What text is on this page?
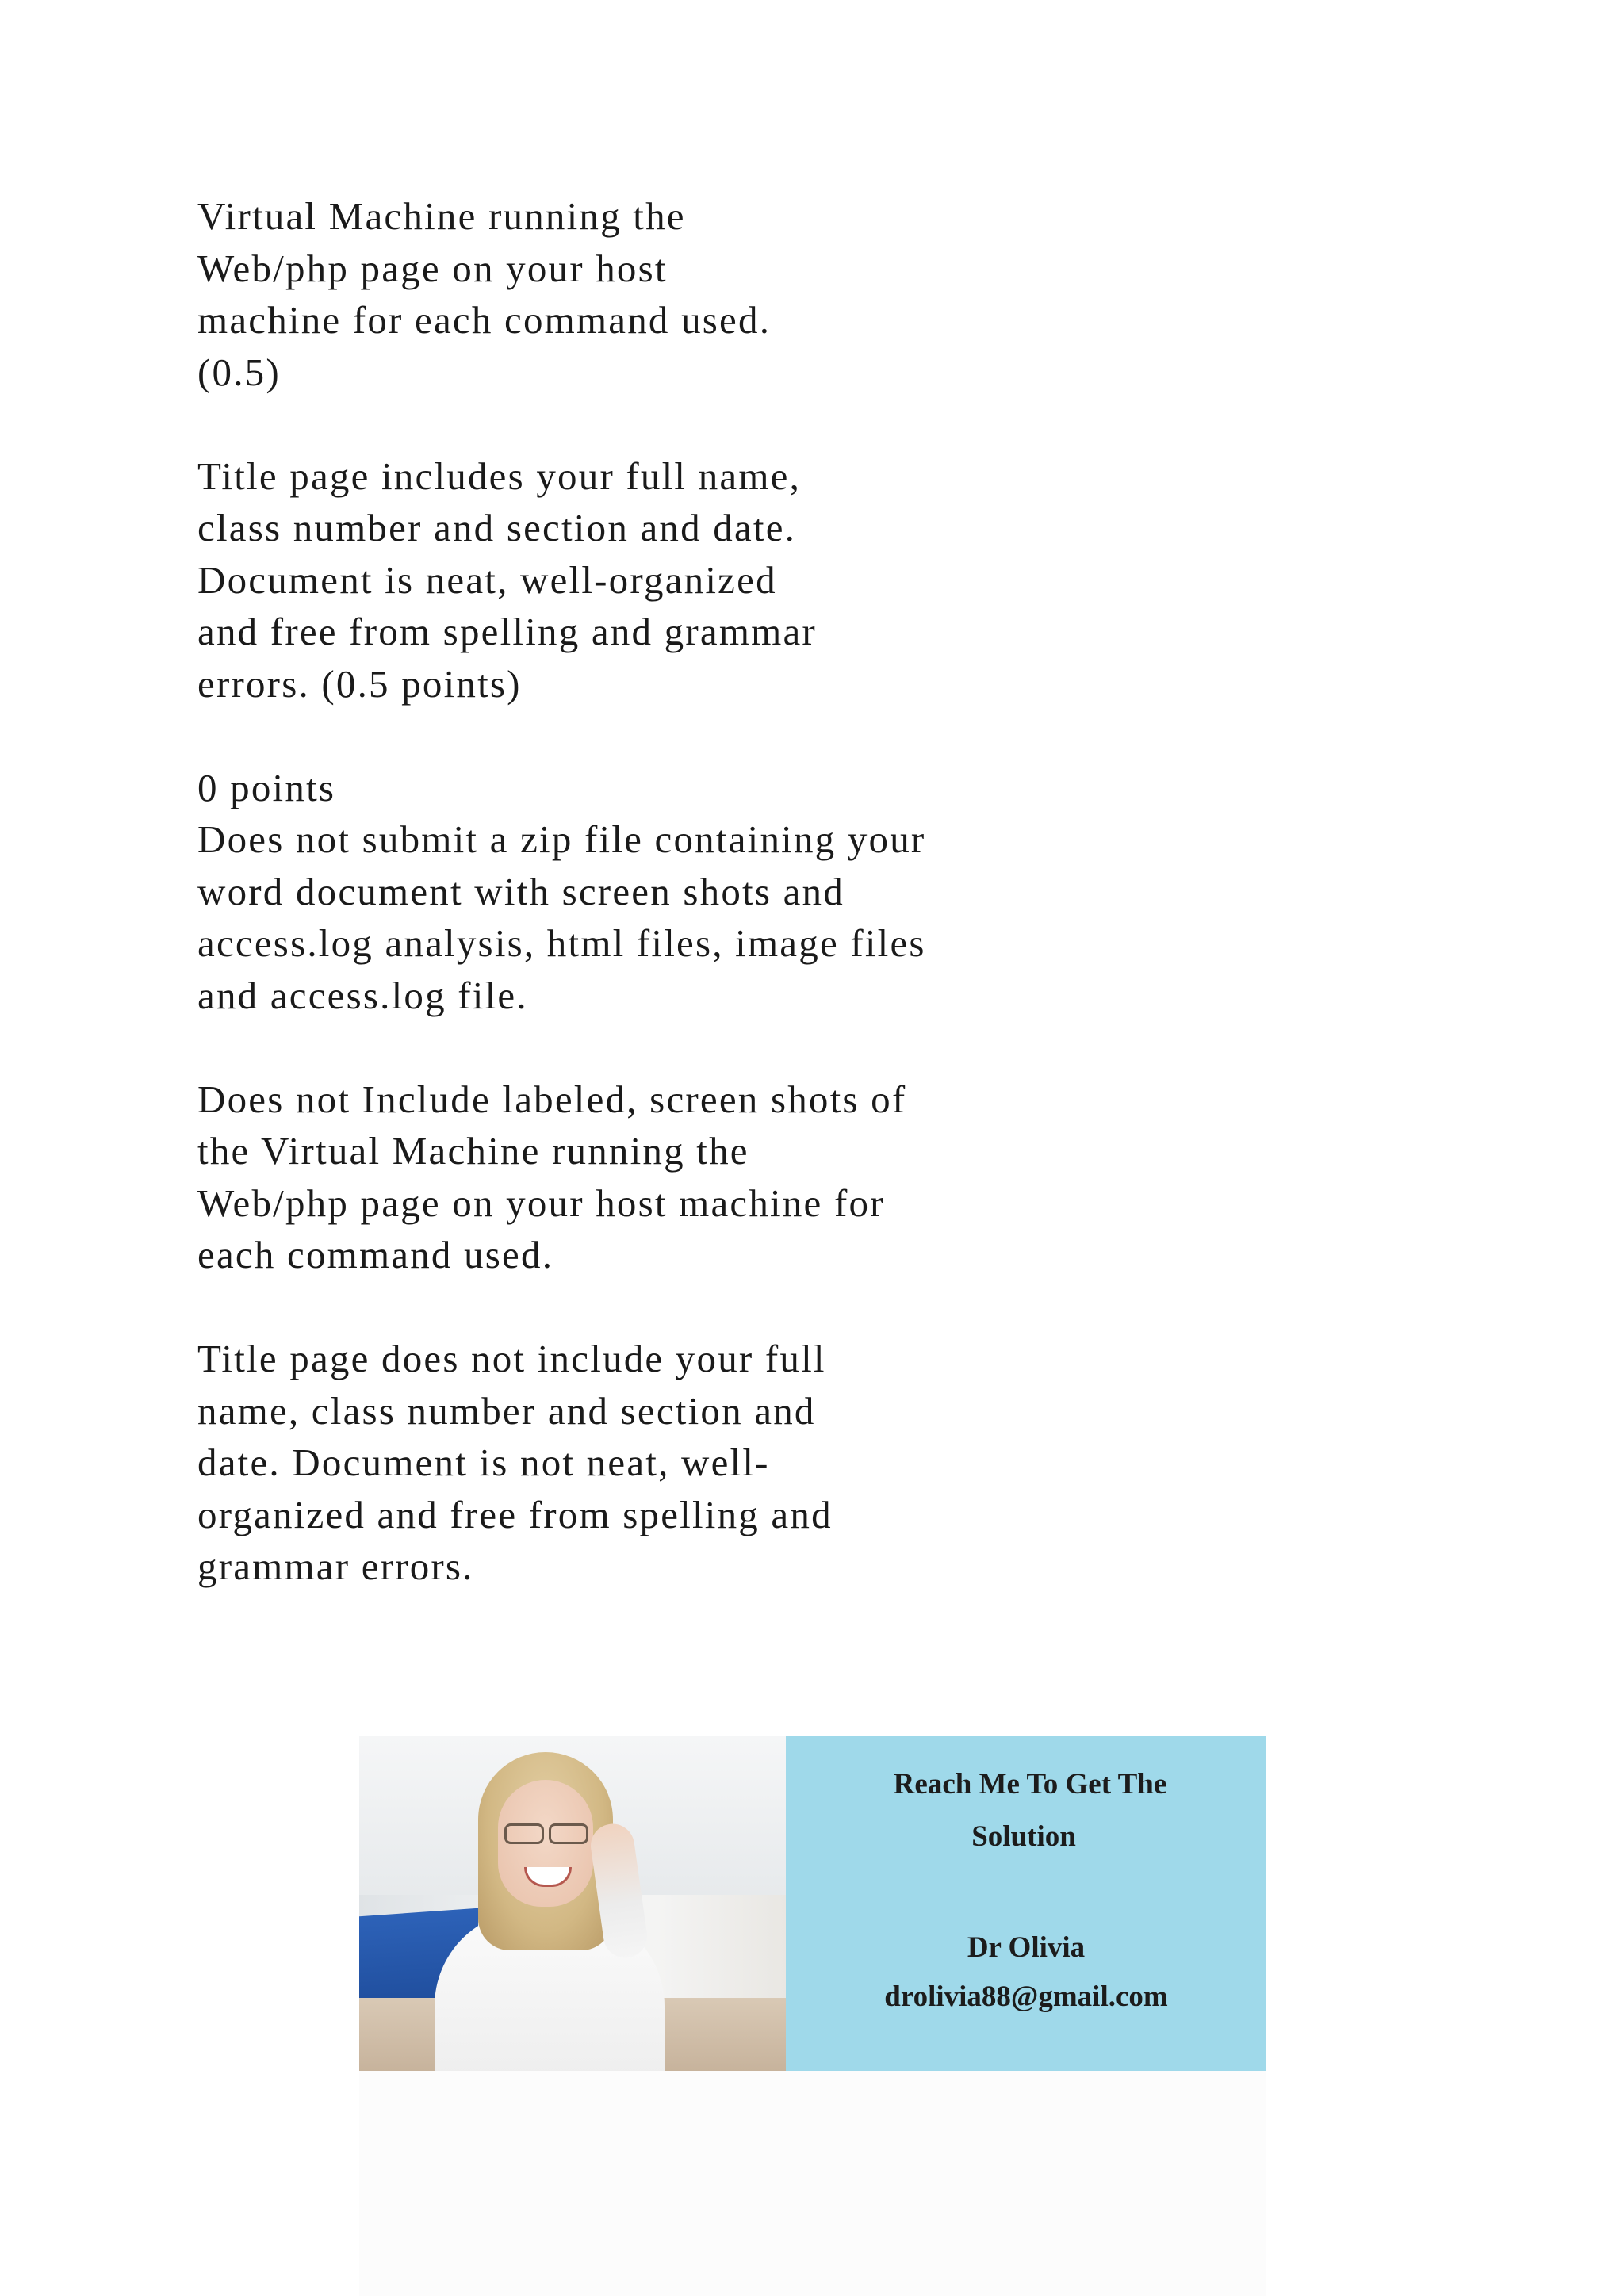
Virtual Machine running the
Web/php page on your host
machine for each command used.
(0.5)
Title page includes your full name,
class number and section and date.
Document is neat, well-organized
and free from spelling and grammar
errors. (0.5 points)
0 points
Does not submit a zip file containing your
word document with screen shots and
access.log analysis, html files, image files
and access.log file.
Does not Include labeled, screen shots of
the Virtual Machine running the
Web/php page on your host machine for
each command used.
Title page does not include your full
name, class number and section and
date. Document is not neat, well-
organized and free from spelling and
grammar errors.
Reach Me To Get The
Solution
Dr Olivia
drolivia88@gmail.com
